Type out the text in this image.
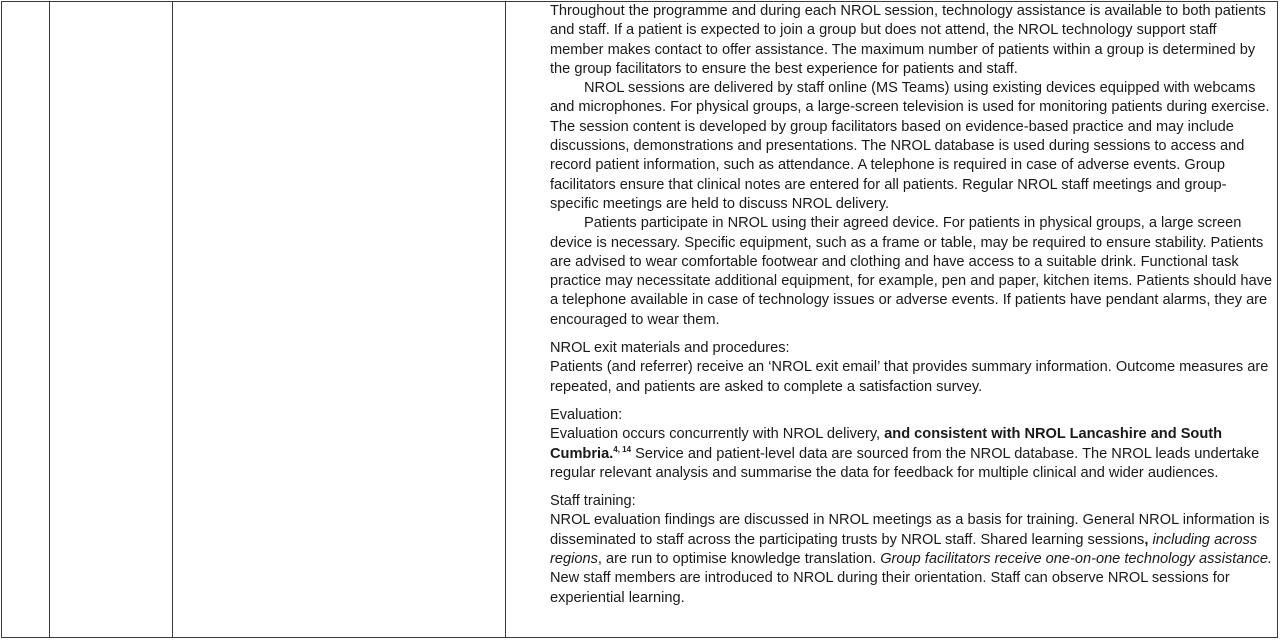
Throughout the programme and during each NROL session, technology assistance is available to both patients and staff. If a patient is expected to join a group but does not attend, the NROL technology support staff member makes contact to offer assistance. The maximum number of patients within a group is determined by the group facilitators to ensure the best experience for patients and staff.

NROL sessions are delivered by staff online (MS Teams) using existing devices equipped with webcams and microphones. For physical groups, a large-screen television is used for monitoring patients during exercise. The session content is developed by group facilitators based on evidence-based practice and may include discussions, demonstrations and presentations. The NROL database is used during sessions to access and record patient information, such as attendance. A telephone is required in case of adverse events. Group facilitators ensure that clinical notes are entered for all patients. Regular NROL staff meetings and group-specific meetings are held to discuss NROL delivery.

Patients participate in NROL using their agreed device. For patients in physical groups, a large screen device is necessary. Specific equipment, such as a frame or table, may be required to ensure stability. Patients are advised to wear comfortable footwear and clothing and have access to a suitable drink. Functional task practice may necessitate additional equipment, for example, pen and paper, kitchen items. Patients should have a telephone available in case of technology issues or adverse events. If patients have pendant alarms, they are encouraged to wear them.

NROL exit materials and procedures:

Patients (and referrer) receive an ‘NROL exit email’ that provides summary information. Outcome measures are repeated, and patients are asked to complete a satisfaction survey.

Evaluation:

Evaluation occurs concurrently with NROL delivery, and consistent with NROL Lancashire and South Cumbria.$^{4, 14}$ Service and patient-level data are sourced from the NROL database. The NROL leads undertake regular relevant analysis and summarise the data for feedback for multiple clinical and wider audiences.

Staff training:

NROL evaluation findings are discussed in NROL meetings as a basis for training. General NROL information is disseminated to staff across the participating trusts by NROL staff. Shared learning sessions, including across regions, are run to optimise knowledge translation. Group facilitators receive one-on-one technology assistance. New staff members are introduced to NROL during their orientation. Staff can observe NROL sessions for experiential learning.
